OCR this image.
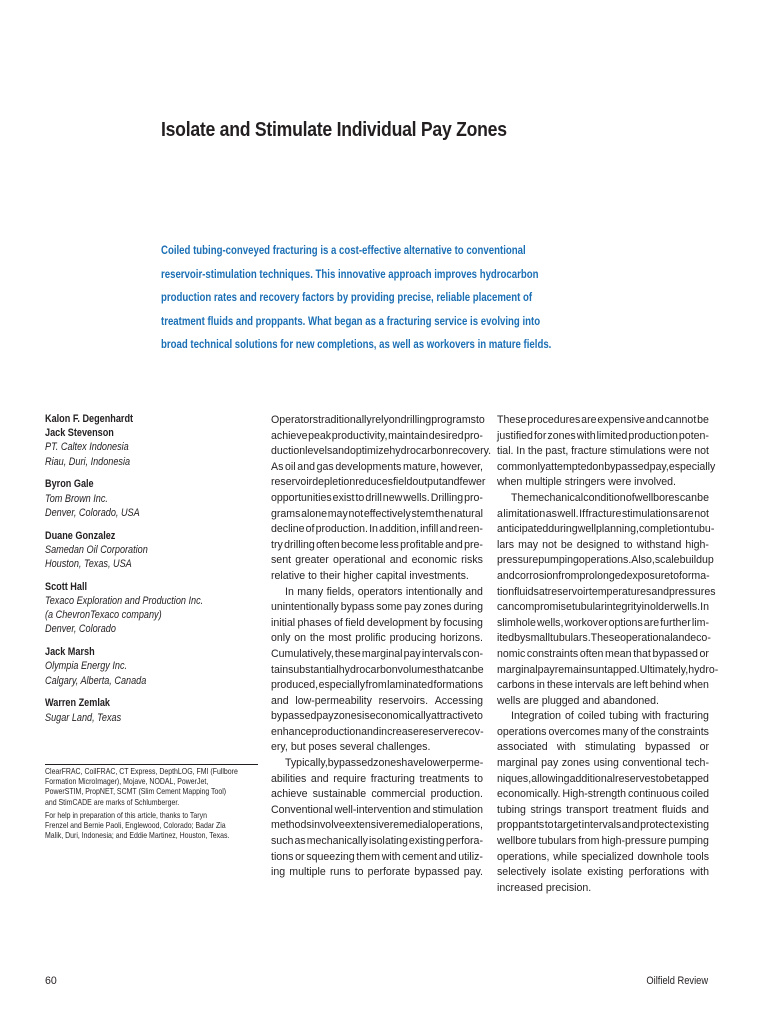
Isolate and Stimulate Individual Pay Zones
Coiled tubing-conveyed fracturing is a cost-effective alternative to conventional
reservoir-stimulation techniques. This innovative approach improves hydrocarbon
production rates and recovery factors by providing precise, reliable placement of
treatment fluids and proppants. What began as a fracturing service is evolving into
broad technical solutions for new completions, as well as workovers in mature fields.
Kalon F. Degenhardt
Jack Stevenson
PT. Caltex Indonesia
Riau, Duri, Indonesia
Byron Gale
Tom Brown Inc.
Denver, Colorado, USA
Duane Gonzalez
Samedan Oil Corporation
Houston, Texas, USA
Scott Hall
Texaco Exploration and Production Inc.
(a ChevronTexaco company)
Denver, Colorado
Jack Marsh
Olympia Energy Inc.
Calgary, Alberta, Canada
Warren Zemlak
Sugar Land, Texas
ClearFRAC, CoilFRAC, CT Express, DepthLOG, FMI (Fullbore
Formation MicroImager), Mojave, NODAL, PowerJet,
PowerSTIM, PropNET, SCMT (Slim Cement Mapping Tool)
and StimCADE are marks of Schlumberger.
For help in preparation of this article, thanks to Taryn
Frenzel and Bernie Paoli, Englewood, Colorado; Badar Zia
Malik, Duri, Indonesia; and Eddie Martinez, Houston, Texas.
Operators traditionally rely on drilling programs to
achieve peak productivity, maintain desired pro-
duction levels and optimize hydrocarbon recovery.
As oil and gas developments mature, however,
reservoir depletion reduces field output and fewer
opportunities exist to drill new wells. Drilling pro-
grams alone may not effectively stem the natural
decline of production. In addition, infill and reen-
try drilling often become less profitable and pre-
sent greater operational and economic risks
relative to their higher capital investments.
In many fields, operators intentionally and
unintentionally bypass some pay zones during
initial phases of field development by focusing
only on the most prolific producing horizons.
Cumulatively, these marginal pay intervals con-
tain substantial hydrocarbon volumes that can be
produced, especially from laminated formations
and low-permeability reservoirs. Accessing
bypassed pay zones is economically attractive to
enhance production and increase reserve recov-
ery, but poses several challenges.
Typically, bypassed zones have lower perme-
abilities and require fracturing treatments to
achieve sustainable commercial production.
Conventional well-intervention and stimulation
methods involve extensive remedial operations,
such as mechanically isolating existing perfora-
tions or squeezing them with cement and utiliz-
ing multiple runs to perforate bypassed pay.
These procedures are expensive and cannot be
justified for zones with limited production poten-
tial. In the past, fracture stimulations were not
commonly attempted on bypassed pay, especially
when multiple stringers were involved.
The mechanical condition of wellbores can be
a limitation as well. If fracture stimulations are not
anticipated during well planning, completion tubu-
lars may not be designed to withstand high-
pressure pumping operations. Also, scale buildup
and corrosion from prolonged exposure to forma-
tion fluids at reservoir temperatures and pressures
can compromise tubular integrity in older wells. In
slimhole wells, workover options are further lim-
ited by small tubulars. These operational and eco-
nomic constraints often mean that bypassed or
marginal pay remains untapped. Ultimately, hydro-
carbons in these intervals are left behind when
wells are plugged and abandoned.
Integration of coiled tubing with fracturing
operations overcomes many of the constraints
associated with stimulating bypassed or
marginal pay zones using conventional tech-
niques, allowing additional reserves to be tapped
economically. High-strength continuous coiled
tubing strings transport treatment fluids and
proppants to target intervals and protect existing
wellbore tubulars from high-pressure pumping
operations, while specialized downhole tools
selectively isolate existing perforations with
increased precision.
60	Oilfield Review
